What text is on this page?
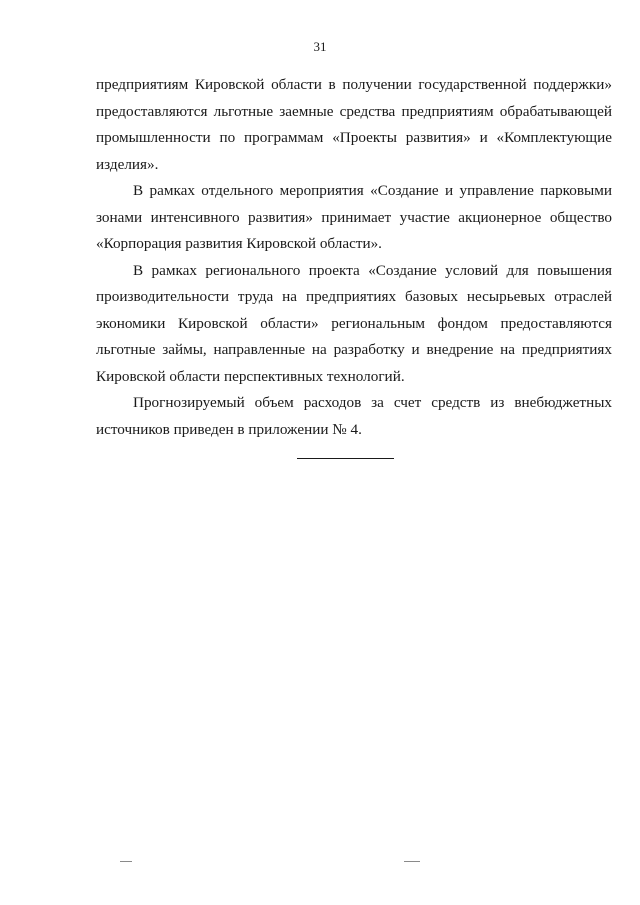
31

предприятиям Кировской области в получении государственной поддержки» предоставляются льготные заемные средства предприятиям обрабатывающей промышленности по программам «Проекты развития» и «Комплектующие изделия».

В рамках отдельного мероприятия «Создание и управление парковыми зонами интенсивного развития» принимает участие акционерное общество «Корпорация развития Кировской области».

В рамках регионального проекта «Создание условий для повышения производительности труда на предприятиях базовых несырьевых отраслей экономики Кировской области» региональным фондом предоставляются льготные займы, направленные на разработку и внедрение на предприятиях Кировской области перспективных технологий.

Прогнозируемый объем расходов за счет средств из внебюджетных источников приведен в приложении № 4.
